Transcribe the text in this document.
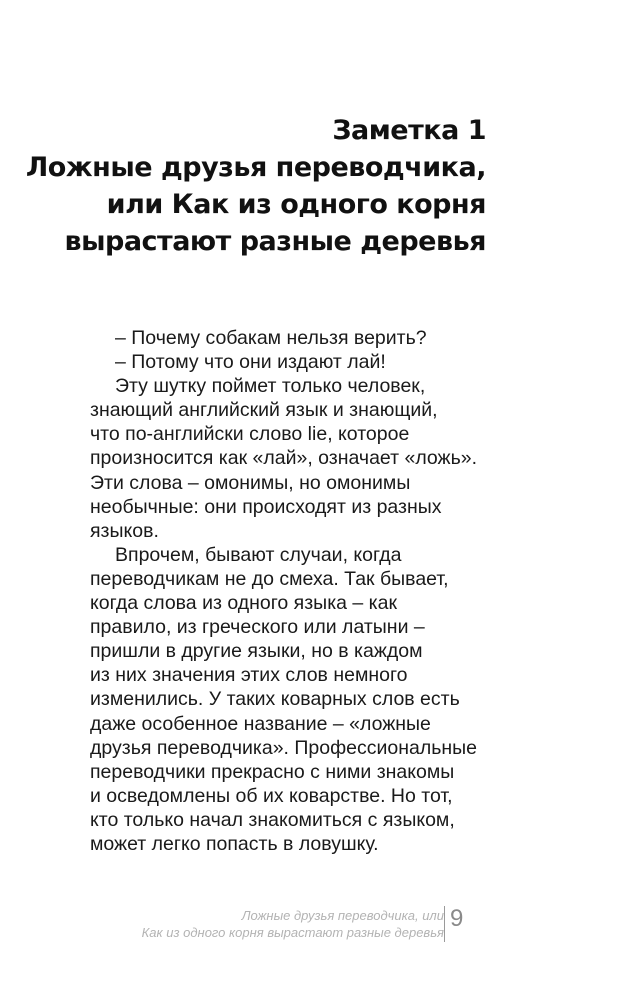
Заметка 1
Ложные друзья переводчика,
или Как из одного корня
вырастают разные деревья
– Почему собакам нельзя верить?
– Потому что они издают лай!
Эту шутку поймет только человек,
знающий английский язык и знающий,
что по-английски слово lie, которое
произносится как «лай», означает «ложь».
Эти слова – омонимы, но омонимы
необычные: они происходят из разных
языков.
Впрочем, бывают случаи, когда
переводчикам не до смеха. Так бывает,
когда слова из одного языка – как
правило, из греческого или латыни –
пришли в другие языки, но в каждом
из них значения этих слов немного
изменились. У таких коварных слов есть
даже особенное название – «ложные
друзья переводчика». Профессиональные
переводчики прекрасно с ними знакомы
и осведомлены об их коварстве. Но тот,
кто только начал знакомиться с языком,
может легко попасть в ловушку.
Ложные друзья переводчика, или
Как из одного корня вырастают разные деревья
9
